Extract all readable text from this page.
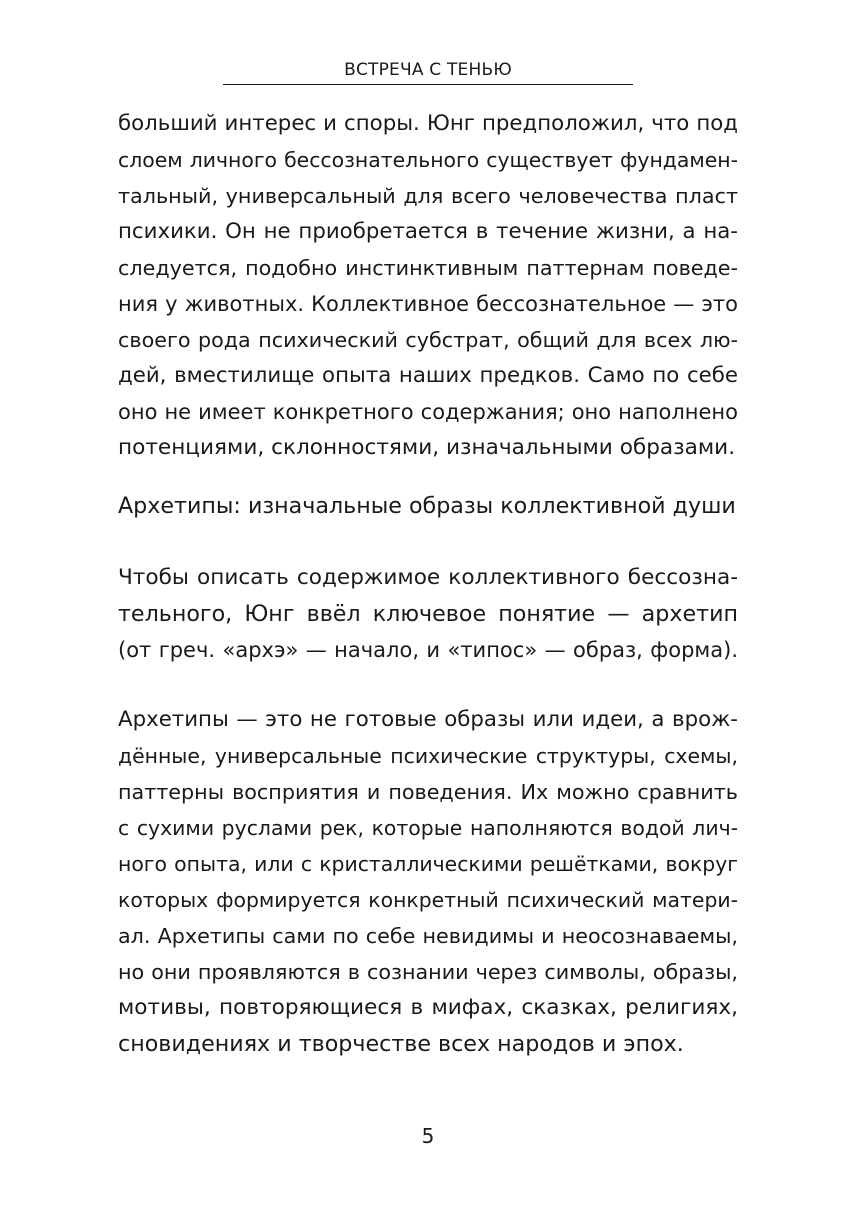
ВСТРЕЧА С ТЕНЬЮ
больший интерес и споры. Юнг предположил, что под
слоем личного бессознательного существует фундамен-
тальный, универсальный для всего человечества пласт
психики. Он не приобретается в течение жизни, а на-
следуется, подобно инстинктивным паттернам поведе-
ния у животных. Коллективное бессознательное — это
своего рода психический субстрат, общий для всех лю-
дей, вместилище опыта наших предков. Само по себе
оно не имеет конкретного содержания; оно наполнено
потенциями, склонностями, изначальными образами.
Архетипы: изначальные образы коллективной души
Чтобы описать содержимое коллективного бессозна-
тельного, Юнг ввёл ключевое понятие — архетип
(от греч. «архэ» — начало, и «типос» — образ, форма).
Архетипы — это не готовые образы или идеи, а врож-
дённые, универсальные психические структуры, схемы,
паттерны восприятия и поведения. Их можно сравнить
с сухими руслами рек, которые наполняются водой лич-
ного опыта, или с кристаллическими решётками, вокруг
которых формируется конкретный психический матери-
ал. Архетипы сами по себе невидимы и неосознаваемы,
но они проявляются в сознании через символы, образы,
мотивы, повторяющиеся в мифах, сказках, религиях,
сновидениях и творчестве всех народов и эпох.
5
